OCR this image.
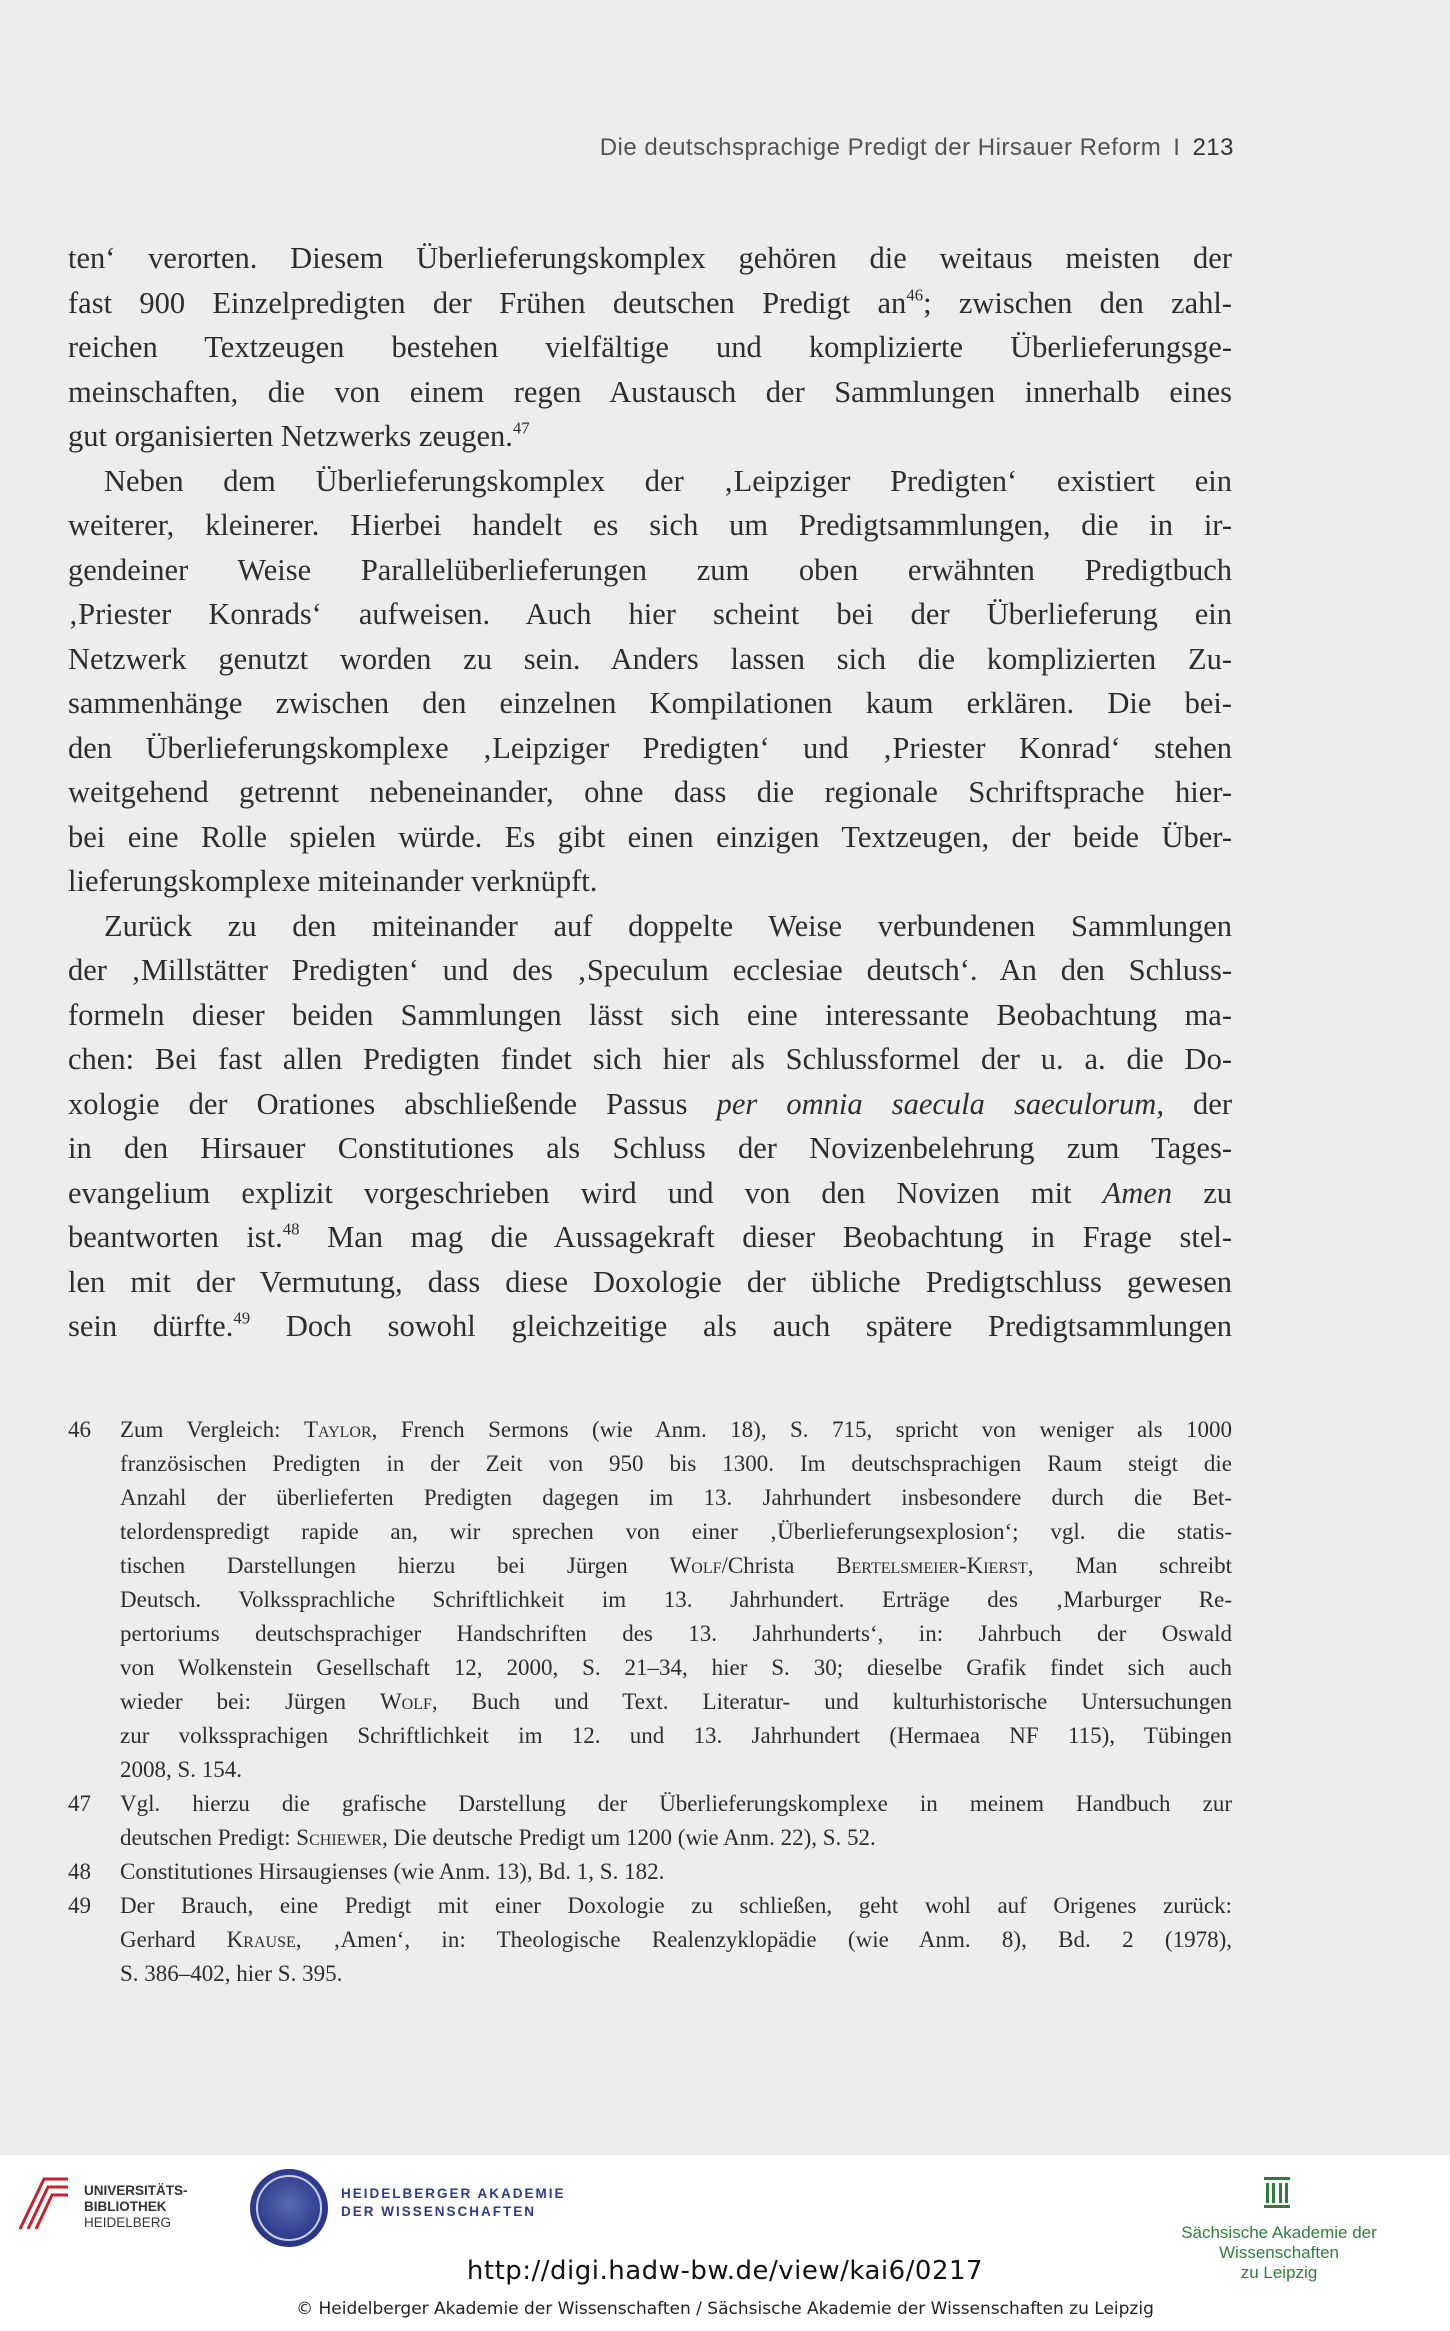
Die deutschsprachige Predigt der Hirsauer Reform I 213
ten‘ verorten. Diesem Überlieferungskomplex gehören die weitaus meisten der
fast 900 Einzelpredigten der Frühen deutschen Predigt $an^{46}$; zwischen den zahl-
reichen Textzeugen bestehen vielfältige und komplizierte Überlieferungsge-
meinschaften, die von einem regen Austausch der Sammlungen innerhalb eines
gut organisierten Netzwerks zeugen.$^{47}$
Neben dem Überlieferungskomplex der ‚Leipziger Predigten‘ existiert ein
weiterer, kleinerer. Hierbei handelt es sich um Predigtsammlungen, die in ir-
gendeiner Weise Parallelüberlieferungen zum oben erwähnten Predigtbuch
‚Priester Konrads‘ aufweisen. Auch hier scheint bei der Überlieferung ein
Netzwerk genutzt worden zu sein. Anders lassen sich die komplizierten Zu-
sammenhänge zwischen den einzelnen Kompilationen kaum erklären. Die bei-
den Überlieferungskomplexe ‚Leipziger Predigten‘ und ‚Priester Konrad‘ stehen
weitgehend getrennt nebeneinander, ohne dass die regionale Schriftsprache hier-
bei eine Rolle spielen würde. Es gibt einen einzigen Textzeugen, der beide Über-
lieferungskomplexe miteinander verknüpft.
Zurück zu den miteinander auf doppelte Weise verbundenen Sammlungen
der ‚Millstätter Predigten‘ und des ‚Speculum ecclesiae deutsch‘. An den Schluss-
formeln dieser beiden Sammlungen lässt sich eine interessante Beobachtung ma-
chen: Bei fast allen Predigten findet sich hier als Schlussformel der u. a. die Do-
xologie der Orationes abschließende Passus per omnia saecula saeculorum, der
in den Hirsauer Constitutiones als Schluss der Novizenbelehrung zum Tages-
evangelium explizit vorgeschrieben wird und von den Novizen mit Amen zu
beantworten ist.$^{48}$ Man mag die Aussagekraft dieser Beobachtung in Frage stel-
len mit der Vermutung, dass diese Doxologie der übliche Predigtschluss gewesen
sein dürfte.$^{49}$ Doch sowohl gleichzeitige als auch spätere Predigtsammlungen
46 Zum Vergleich: Taylor, French Sermons (wie Anm. 18), S. 715, spricht von weniger als 1000
französischen Predigten in der Zeit von 950 bis 1300. Im deutschsprachigen Raum steigt die
Anzahl der überlieferten Predigten dagegen im 13. Jahrhundert insbesondere durch die Bet-
telordenspredigt rapide an, wir sprechen von einer ‚Überlieferungsexplosion‘; vgl. die statis-
tischen Darstellungen hierzu bei Jürgen Wolf/Christa Bertelsmeier-Kierst, Man schreibt
Deutsch. Volkssprachliche Schriftlichkeit im 13. Jahrhundert. Erträge des ‚Marburger Re-
pertoriums deutschsprachiger Handschriften des 13. Jahrhunderts‘, in: Jahrbuch der Oswald
von Wolkenstein Gesellschaft 12, 2000, S. 21–34, hier S. 30; dieselbe Grafik findet sich auch
wieder bei: Jürgen Wolf, Buch und Text. Literatur- und kulturhistorische Untersuchungen
zur volkssprachigen Schriftlichkeit im 12. und 13. Jahrhundert (Hermaea NF 115), Tübingen
2008, S. 154.
47 Vgl. hierzu die grafische Darstellung der Überlieferungskomplexe in meinem Handbuch zur
deutschen Predigt: Schiewer, Die deutsche Predigt um 1200 (wie Anm. 22), S. 52.
48 Constitutiones Hirsaugienses (wie Anm. 13), Bd. 1, S. 182.
49 Der Brauch, eine Predigt mit einer Doxologie zu schließen, geht wohl auf Origenes zurück:
Gerhard Krause, ‚Amen‘, in: Theologische Realenzyklopädie (wie Anm. 8), Bd. 2 (1978),
S. 386–402, hier S. 395.
UNIVERSITÄTS-
BIBLIOTHEK
HEIDELBERG
HEIDELBERGER AKADEMIE
DER WISSENSCHAFTEN
Sächsische Akademie der Wissenschaften
zu Leipzig
http://digi.hadw-bw.de/view/kai6/0217
© Heidelberger Akademie der Wissenschaften / Sächsische Akademie der Wissenschaften zu Leipzig
